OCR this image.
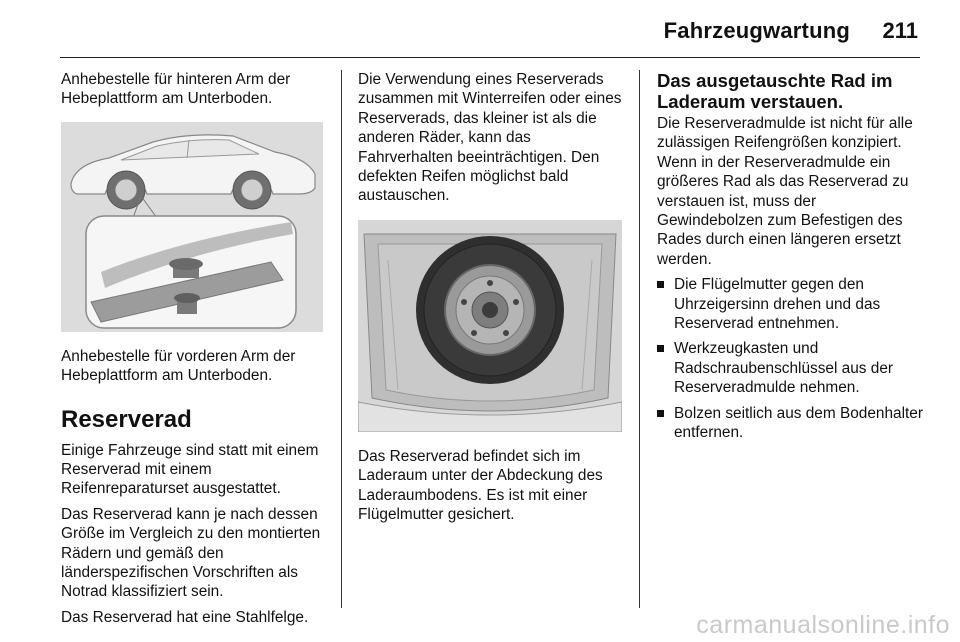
Fahrzeugwartung 211

Anhebestelle für hinteren Arm der Hebeplattform am Unterboden.

Anhebestelle für vorderen Arm der Hebeplattform am Unterboden.

Reserverad

Einige Fahrzeuge sind statt mit einem Reserverad mit einem Reifenreparaturset ausgestattet.

Das Reserverad kann je nach dessen Größe im Vergleich zu den montierten Rädern und gemäß den länderspezifischen Vorschriften als Notrad klassifiziert sein.

Das Reserverad hat eine Stahlfelge.

Die Verwendung eines Reserverads zusammen mit Winterreifen oder eines Reserverads, das kleiner ist als die anderen Räder, kann das Fahrverhalten beeinträchtigen. Den defekten Reifen möglichst bald austauschen.

Das Reserverad befindet sich im Laderaum unter der Abdeckung des Laderaumbodens. Es ist mit einer Flügelmutter gesichert.

Das ausgetauschte Rad im Laderaum verstauen.

Die Reserveradmulde ist nicht für alle zulässigen Reifengrößen konzipiert. Wenn in der Reserveradmulde ein größeres Rad als das Reserverad zu verstauen ist, muss der Gewindebolzen zum Befestigen des Rades durch einen längeren ersetzt werden.

Die Flügelmutter gegen den Uhrzeigersinn drehen und das Reserverad entnehmen.
Werkzeugkasten und Radschraubenschlüssel aus der Reserveradmulde nehmen.
Bolzen seitlich aus dem Bodenhalter entfernen.
carmanualsonline.info
